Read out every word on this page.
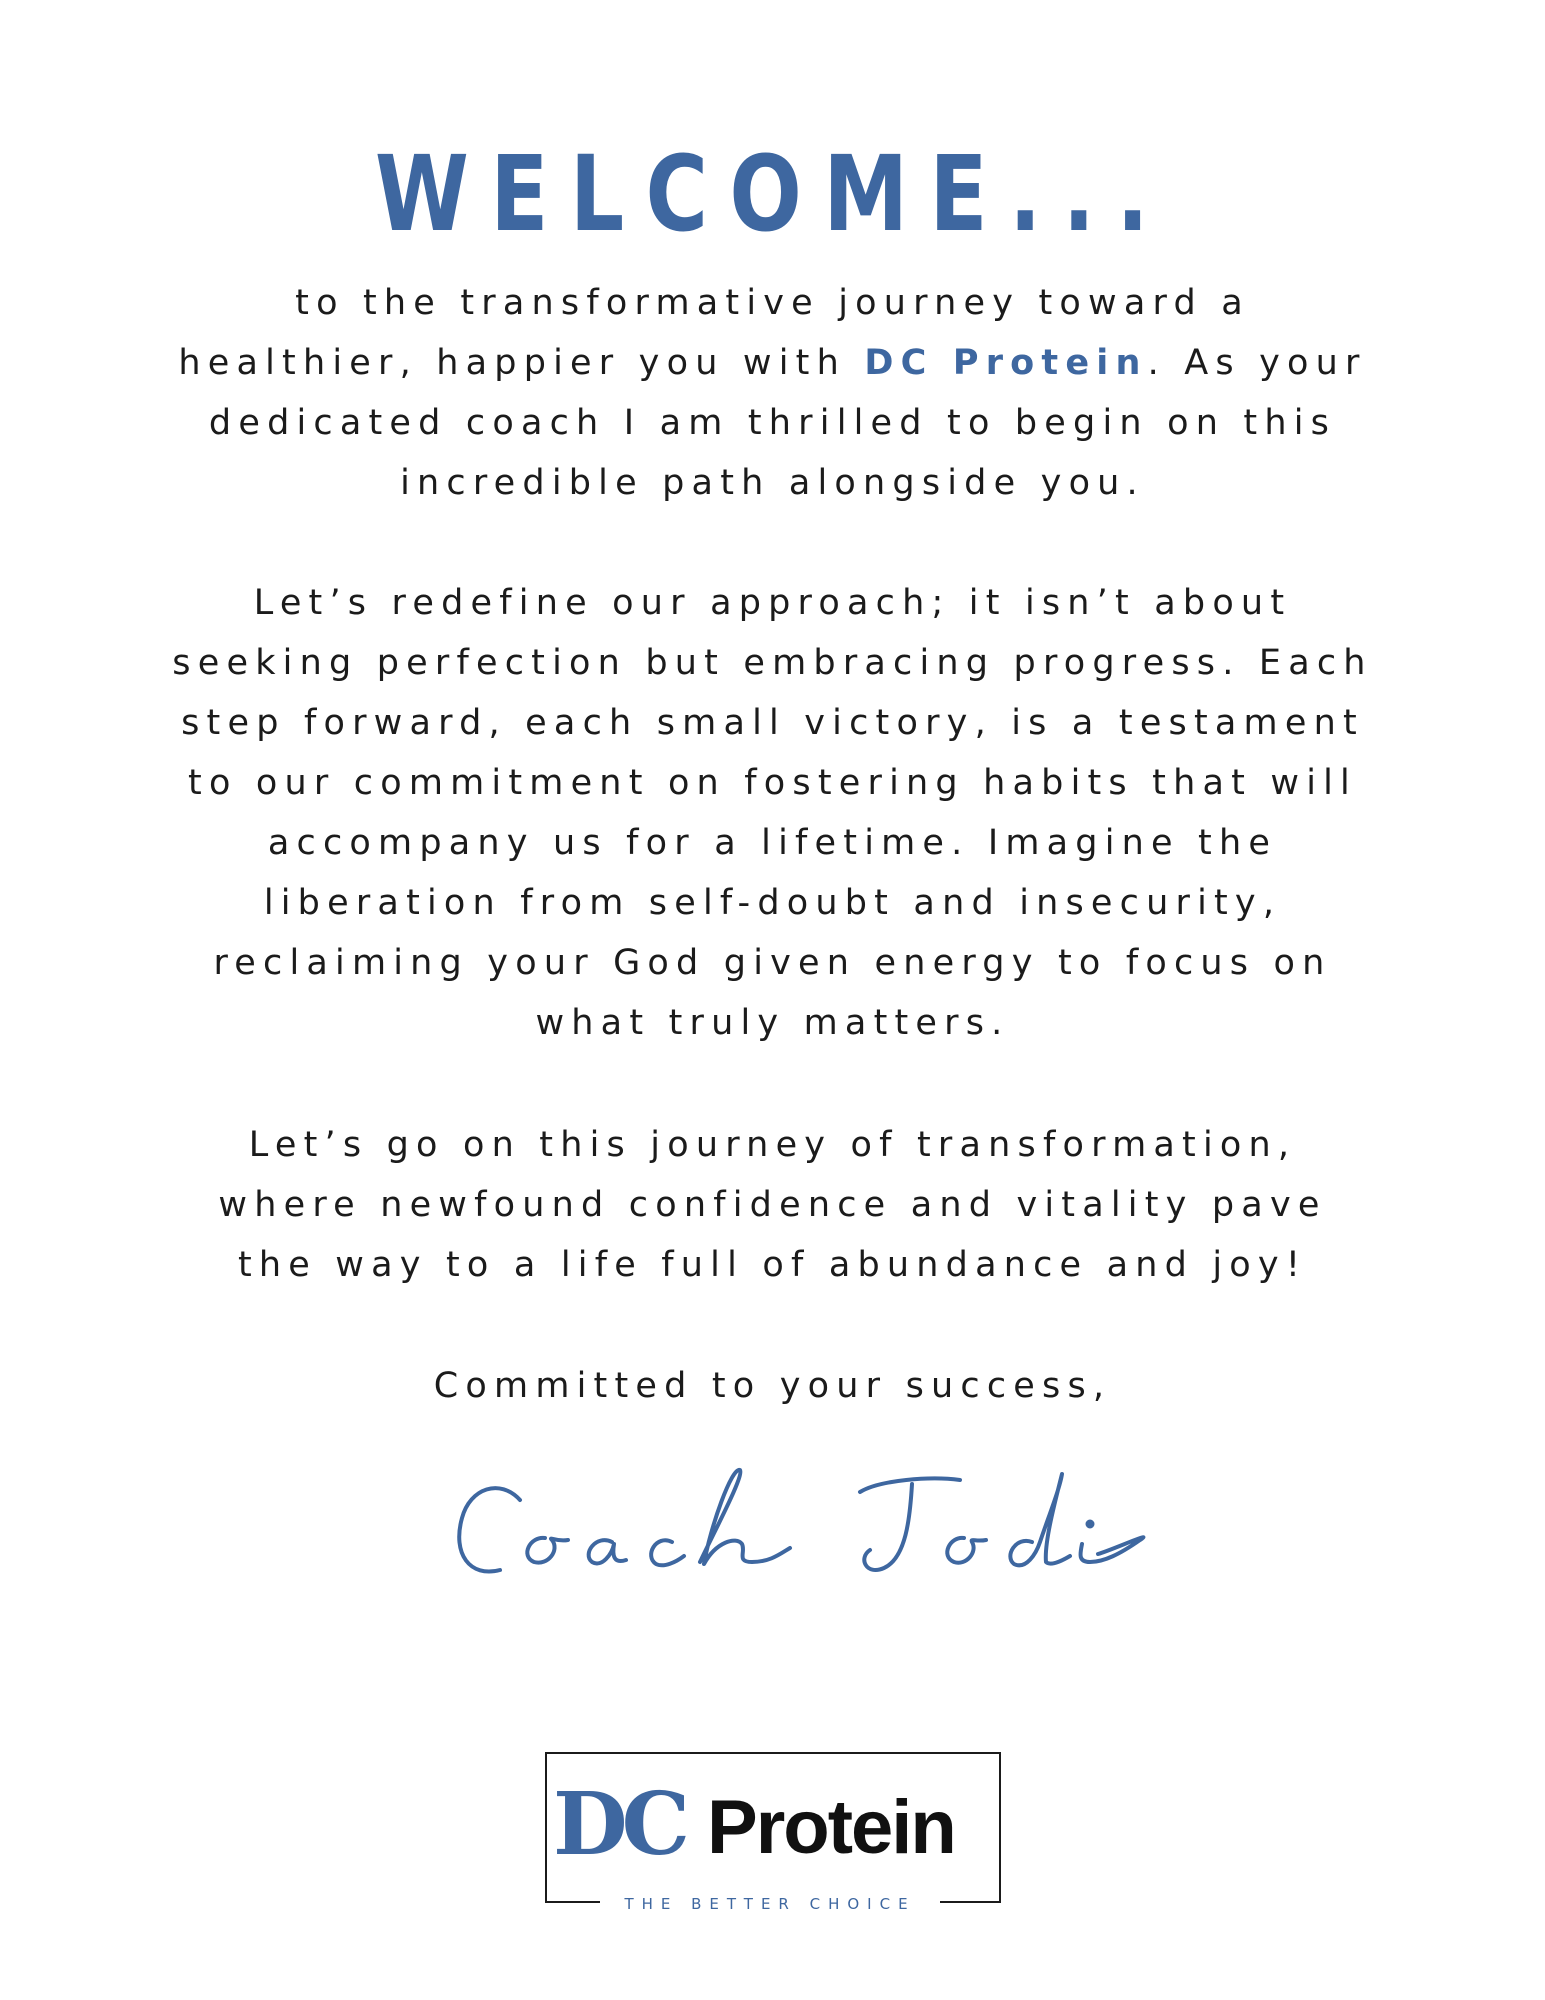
WELCOME...

to the transformative journey toward a
healthier, happier you with DC Protein. As your
dedicated coach I am thrilled to begin on this
incredible path alongside you.

Let’s redefine our approach; it isn’t about
seeking perfection but embracing progress. Each
step forward, each small victory, is a testament
to our commitment on fostering habits that will
accompany us for a lifetime. Imagine the
liberation from self-doubt and insecurity,
reclaiming your God given energy to focus on
what truly matters.

Let’s go on this journey of transformation,
where newfound confidence and vitality pave
the way to a life full of abundance and joy!

Committed to your success,

DC Protein
THE BETTER CHOICE
